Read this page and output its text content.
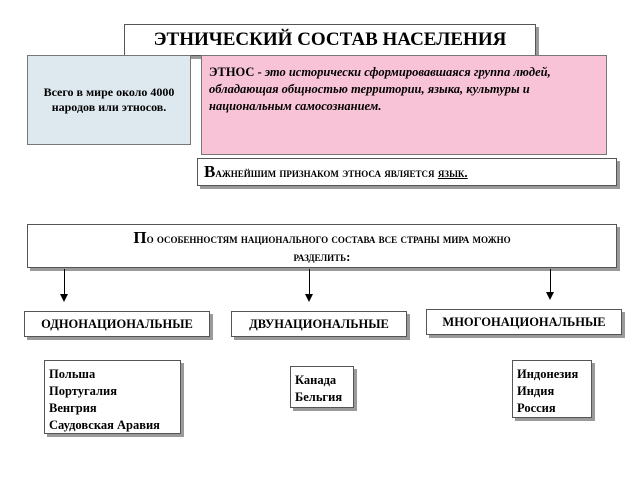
ЭТНИЧЕСКИЙ СОСТАВ НАСЕЛЕНИЯ
Всего в мире около 4000 народов или этносов.
ЭТНОС - это исторически сформировавшаяся группа людей,
обладающая общностью территории, языка, культуры и
национальным самосознанием.
Важнейшим признаком этноса является язык.
По особенностям национального состава все страны мира можно
разделить:
ОДНОНАЦИОНАЛЬНЫЕ	ДВУНАЦИОНАЛЬНЫЕ	МНОГОНАЦИОНАЛЬНЫЕ
Польша
Португалия
Венгрия
Саудовская Аравия
Канада
Бельгия
Индонезия
Индия
Россия
